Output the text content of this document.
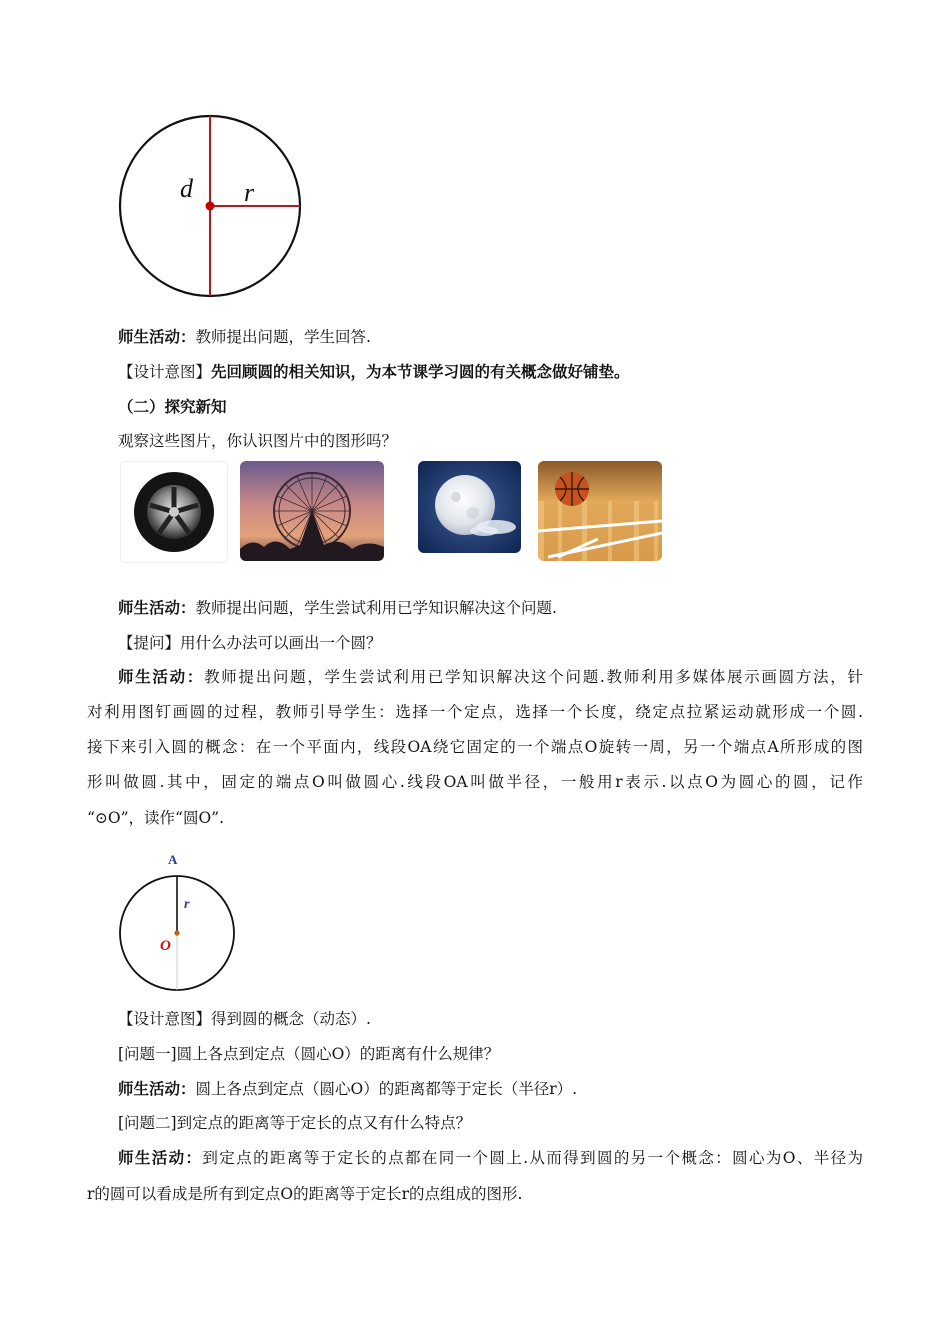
d r
师生活动：教师提出问题，学生回答.
【设计意图】先回顾圆的相关知识，为本节课学习圆的有关概念做好铺垫。
（二）探究新知
观察这些图片，你认识图片中的图形吗？
师生活动：教师提出问题，学生尝试利用已学知识解决这个问题.
【提问】用什么办法可以画出一个圆？
师生活动：教师提出问题，学生尝试利用已学知识解决这个问题.教师利用多媒体展示画圆方法，针
对利用图钉画圆的过程，教师引导学生：选择一个定点，选择一个长度，绕定点拉紧运动就形成一个圆.
接下来引入圆的概念：在一个平面内，线段OA绕它固定的一个端点O旋转一周，另一个端点A所形成的图
形叫做圆.其中，固定的端点O叫做圆心.线段OA叫做半径，一般用r表示.以点O为圆心的圆，记作
“⊙O”，读作“圆O”.
A
r
O
【设计意图】得到圆的概念（动态）.
[问题一]圆上各点到定点（圆心O）的距离有什么规律？
师生活动：圆上各点到定点（圆心O）的距离都等于定长（半径r）.
[问题二]到定点的距离等于定长的点又有什么特点？
师生活动：到定点的距离等于定长的点都在同一个圆上.从而得到圆的另一个概念：圆心为O、半径为
r的圆可以看成是所有到定点O的距离等于定长r的点组成的图形.
